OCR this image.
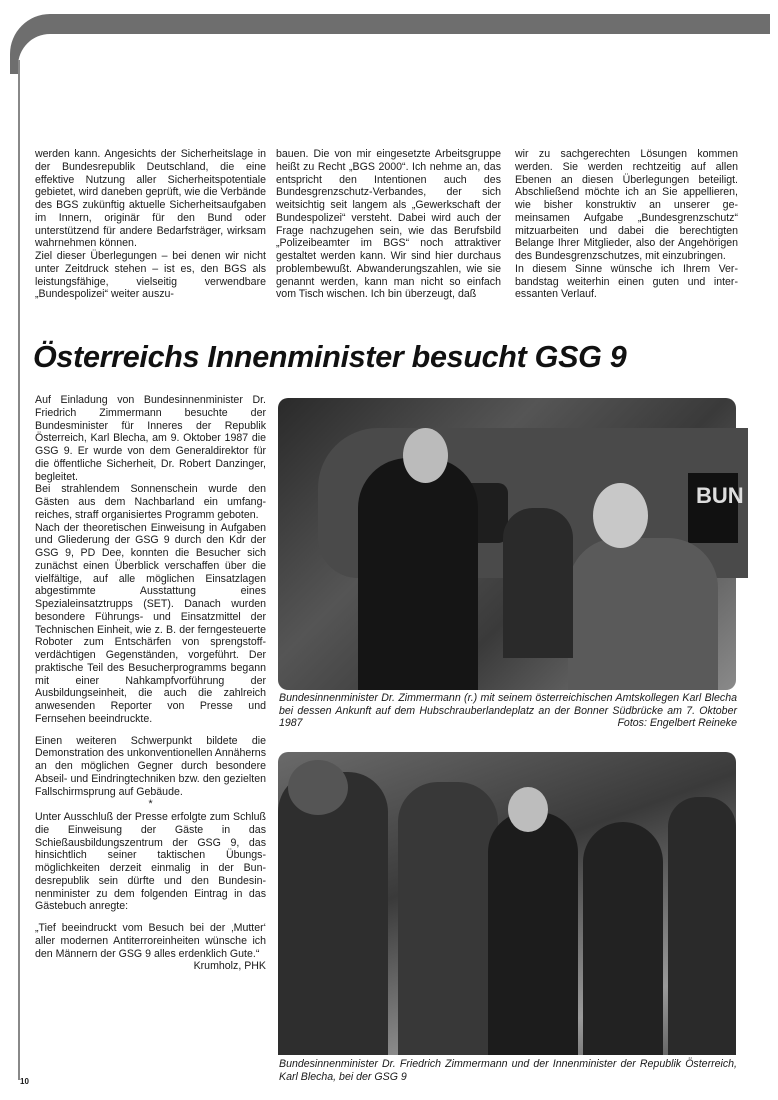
werden kann. Angesichts der Sicherheitslage in der Bundesrepublik Deutschland, die eine effektive Nutzung aller Sicherheitspotentiale gebietet, wird daneben geprüft, wie die Verbände des BGS zukünftig aktuelle Sicherheitsaufgaben im Innern, originär für den Bund oder unterstützend für andere Bedarfsträger, wirksam wahrnehmen können.

Ziel dieser Überlegungen – bei denen wir nicht unter Zeitdruck stehen – ist es, den BGS als leistungsfähige, vielseitig verwendbare „Bundespolizei“ weiter auszu-

bauen. Die von mir eingesetzte Arbeitsgruppe heißt zu Recht „BGS 2000“. Ich nehme an, das entspricht den Intentionen auch des Bundesgrenzschutz-Verbandes, der sich weitsichtig seit langem als „Gewerkschaft der Bundespolizei“ versteht. Dabei wird auch der Frage nachzugehen sein, wie das Berufsbild „Polizeibeamter im BGS“ noch attraktiver gestaltet werden kann. Wir sind hier durchaus problembewußt. Abwanderungszahlen, wie sie genannt werden, kann man nicht so einfach vom Tisch wischen. Ich bin überzeugt, daß

wir zu sachgerechten Lösungen kommen werden. Sie werden rechtzeitig auf allen Ebenen an diesen Überlegungen beteiligt. Abschließend möchte ich an Sie appellieren, wie bisher konstruktiv an unserer gemeinsamen Aufgabe „Bundesgrenzschutz“ mitzuarbeiten und dabei die berechtigten Belange Ihrer Mitglieder, also der Angehörigen des Bundesgrenzschutzes, mit einzubringen.

In diesem Sinne wünsche ich Ihrem Verbandstag weiterhin einen guten und interessanten Verlauf.

Österreichs Innenminister besucht GSG 9

Auf Einladung von Bundesinnenminister Dr. Friedrich Zimmermann besuchte der Bundesminister für Inneres der Republik Österreich, Karl Blecha, am 9. Oktober 1987 die GSG 9. Er wurde von dem Generaldirektor für die öffentliche Sicherheit, Dr. Robert Danzinger, begleitet.

Bei strahlendem Sonnenschein wurde den Gästen aus dem Nachbarland ein umfangreiches, straff organisiertes Programm geboten.

Nach der theoretischen Einweisung in Aufgaben und Gliederung der GSG 9 durch den Kdr der GSG 9, PD Dee, konnten die Besucher sich zunächst einen Überblick verschaffen über die vielfältige, auf alle möglichen Einsatzlagen abgestimmte Ausstattung eines Spezialeinsatztrupps (SET). Danach wurden besondere Führungs- und Einsatzmittel der Technischen Einheit, wie z. B. der ferngesteuerte Roboter zum Entschärfen von sprengstoffverdächtigen Gegenständen, vorgeführt. Der praktische Teil des Besucherprogramms begann mit einer Nahkampfvorführung der Ausbildungseinheit, die auch die zahlreich anwesenden Reporter von Presse und Fernsehen beeindruckte.

Einen weiteren Schwerpunkt bildete die Demonstration des unkonventionellen Annäherns an den möglichen Gegner durch besondere Abseil- und Eindringtechniken bzw. den gezielten Fallschirmsprung auf Gebäude.

*

Unter Ausschluß der Presse erfolgte zum Schluß die Einweisung der Gäste in das Schießausbildungszentrum der GSG 9, das hinsichtlich seiner taktischen Übungsmöglichkeiten derzeit einmalig in der Bundesrepublik sein dürfte und den Bundesinnenminister zu dem folgenden Eintrag in das Gästebuch anregte:

„Tief beeindruckt vom Besuch bei der ‚Mutter‘ aller modernen Antiterroreinheiten wünsche ich den Männern der GSG 9 alles erdenklich Gute.“
Krumholz, PHK

BUN
Bundesinnenminister Dr. Zimmermann (r.) mit seinem österreichischen Amtskollegen Karl Blecha bei dessen Ankunft auf dem Hubschrauberlandeplatz an der Bonner Südbrücke am 7. Oktober 1987	Fotos: Engelbert Reineke
Bundesinnenminister Dr. Friedrich Zimmermann und der Innenminister der Republik Österreich, Karl Blecha, bei der GSG 9
10
